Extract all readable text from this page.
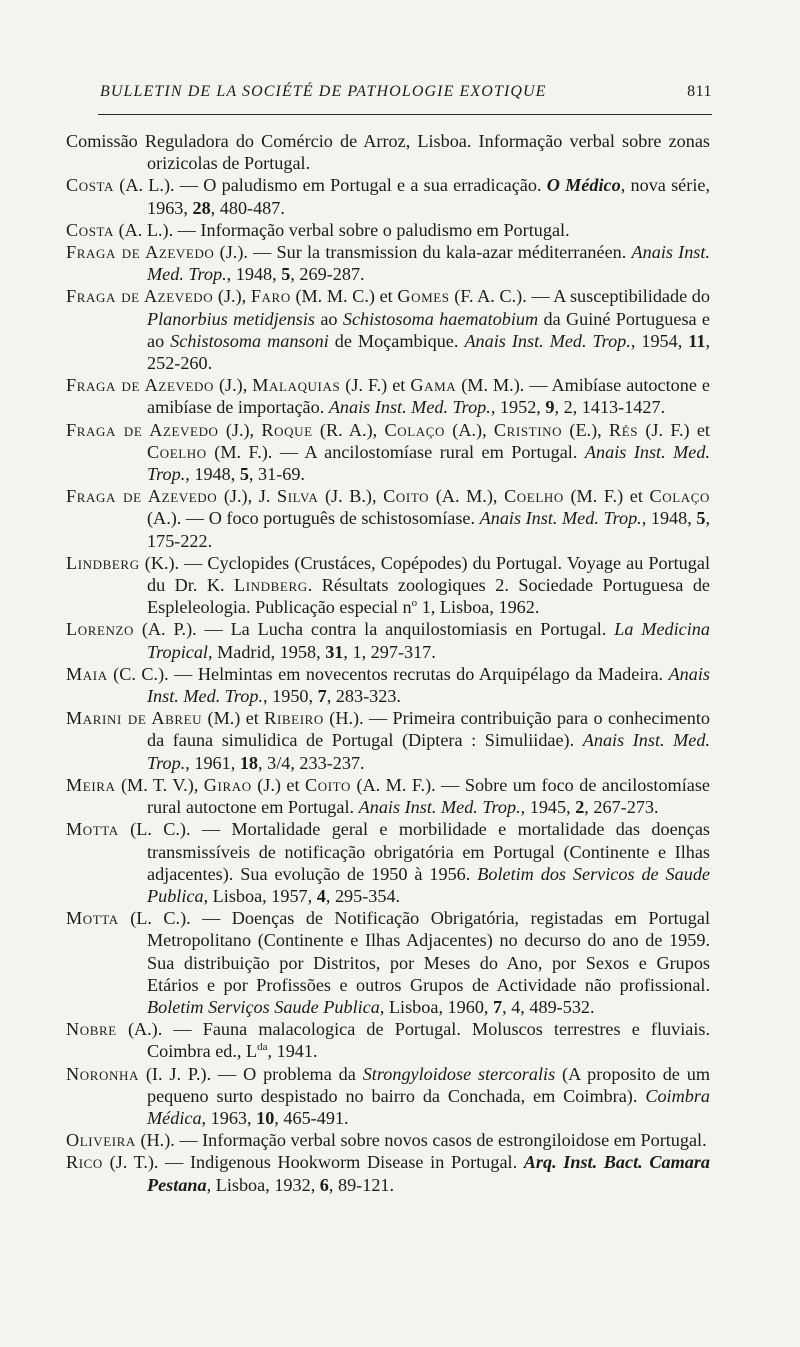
BULLETIN DE LA SOCIÉTÉ DE PATHOLOGIE EXOTIQUE	811

Comissão Reguladora do Comércio de Arroz, Lisboa. Informação verbal sobre zonas orizicolas de Portugal.

Costa (A. L.). — O paludismo em Portugal e a sua erradicação. O Médico, nova série, 1963, 28, 480-487.

Costa (A. L.). — Informação verbal sobre o paludismo em Portugal.

Fraga de Azevedo (J.). — Sur la transmission du kala-azar méditerranéen. Anais Inst. Med. Trop., 1948, 5, 269-287.

Fraga de Azevedo (J.), Faro (M. M. C.) et Gomes (F. A. C.). — A susceptibilidade do Planorbius metidjensis ao Schistosoma haematobium da Guiné Portuguesa e ao Schistosoma mansoni de Moçambique. Anais Inst. Med. Trop., 1954, 11, 252-260.

Fraga de Azevedo (J.), Malaquias (J. F.) et Gama (M. M.). — Amibíase autoctone e amibíase de importação. Anais Inst. Med. Trop., 1952, 9, 2, 1413-1427.

Fraga de Azevedo (J.), Roque (R. A.), Colaço (A.), Cristino (E.), Rés (J. F.) et Coelho (M. F.). — A ancilostomíase rural em Portugal. Anais Inst. Med. Trop., 1948, 5, 31-69.

Fraga de Azevedo (J.), J. Silva (J. B.), Coito (A. M.), Coelho (M. F.) et Colaço (A.). — O foco português de schistosomíase. Anais Inst. Med. Trop., 1948, 5, 175-222.

Lindberg (K.). — Cyclopides (Crustáces, Copépodes) du Portugal. Voyage au Portugal du Dr. K. Lindberg. Résultats zoologiques 2. Sociedade Portuguesa de Espleleologia. Publicação especial $n^o$ 1, Lisboa, 1962.

Lorenzo (A. P.). — La Lucha contra la anquilostomiasis en Portugal. La Medicina Tropical, Madrid, 1958, 31, 1, 297-317.

Maia (C. C.). — Helmintas em novecentos recrutas do Arquipélago da Madeira. Anais Inst. Med. Trop., 1950, 7, 283-323.

Marini de Abreu (M.) et Ribeiro (H.). — Primeira contribuição para o conhecimento da fauna simulidica de Portugal (Diptera : Simuliidae). Anais Inst. Med. Trop., 1961, 18, 3/4, 233-237.

Meira (M. T. V.), Girao (J.) et Coito (A. M. F.). — Sobre um foco de ancilostomíase rural autoctone em Portugal. Anais Inst. Med. Trop., 1945, 2, 267-273.

Motta (L. C.). — Mortalidade geral e morbilidade e mortalidade das doenças transmissíveis de notificação obrigatória em Portugal (Continente e Ilhas adjacentes). Sua evolução de 1950 à 1956. Boletim dos Servicos de Saude Publica, Lisboa, 1957, 4, 295-354.

Motta (L. C.). — Doenças de Notificação Obrigatória, registadas em Portugal Metropolitano (Continente e Ilhas Adjacentes) no decurso do ano de 1959. Sua distribuição por Distritos, por Meses do Ano, por Sexos e Grupos Etários e por Profissões e outros Grupos de Actividade não profissional. Boletim Serviços Saude Publica, Lisboa, 1960, 7, 4, 489-532.

Nobre (A.). — Fauna malacologica de Portugal. Moluscos terrestres e fluviais. Coimbra ed., $L^{da}$, 1941.

Noronha (I. J. P.). — O problema da Strongyloidose stercoralis (A proposito de um pequeno surto despistado no bairro da Conchada, em Coimbra). Coimbra Médica, 1963, 10, 465-491.

Oliveira (H.). — Informação verbal sobre novos casos de estrongiloidose em Portugal.

Rico (J. T.). — Indigenous Hookworm Disease in Portugal. Arq. Inst. Bact. Camara Pestana, Lisboa, 1932, 6, 89-121.
